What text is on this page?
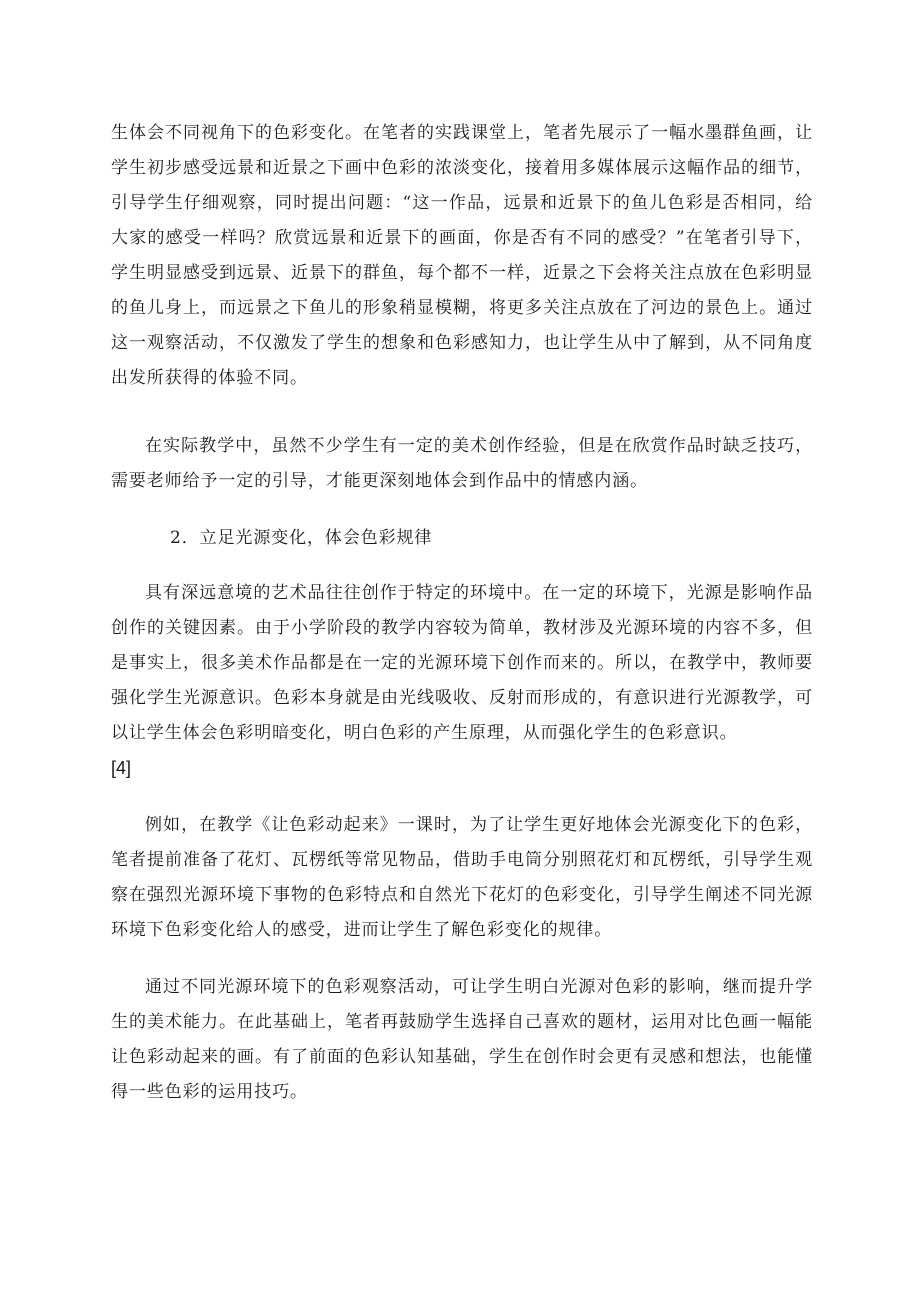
生体会不同视角下的色彩变化。在笔者的实践课堂上，笔者先展示了一幅水墨群鱼画，让学生初步感受远景和近景之下画中色彩的浓淡变化，接着用多媒体展示这幅作品的细节，引导学生仔细观察，同时提出问题：“这一作品，远景和近景下的鱼儿色彩是否相同，给大家的感受一样吗？欣赏远景和近景下的画面，你是否有不同的感受？”在笔者引导下，学生明显感受到远景、近景下的群鱼，每个都不一样，近景之下会将关注点放在色彩明显的鱼儿身上，而远景之下鱼儿的形象稍显模糊，将更多关注点放在了河边的景色上。通过这一观察活动，不仅激发了学生的想象和色彩感知力，也让学生从中了解到，从不同角度出发所获得的体验不同。

在实际教学中，虽然不少学生有一定的美术创作经验，但是在欣赏作品时缺乏技巧，需要老师给予一定的引导，才能更深刻地体会到作品中的情感内涵。

2．立足光源变化，体会色彩规律

具有深远意境的艺术品往往创作于特定的环境中。在一定的环境下，光源是影响作品创作的关键因素。由于小学阶段的教学内容较为简单，教材涉及光源环境的内容不多，但是事实上，很多美术作品都是在一定的光源环境下创作而来的。所以，在教学中，教师要强化学生光源意识。色彩本身就是由光线吸收、反射而形成的，有意识进行光源教学，可以让学生体会色彩明暗变化，明白色彩的产生原理，从而强化学生的色彩意识。
[4]

例如，在教学《让色彩动起来》一课时，为了让学生更好地体会光源变化下的色彩，笔者提前准备了花灯、瓦楞纸等常见物品，借助手电筒分别照花灯和瓦楞纸，引导学生观察在强烈光源环境下事物的色彩特点和自然光下花灯的色彩变化，引导学生阐述不同光源环境下色彩变化给人的感受，进而让学生了解色彩变化的规律。

通过不同光源环境下的色彩观察活动，可让学生明白光源对色彩的影响，继而提升学生的美术能力。在此基础上，笔者再鼓励学生选择自己喜欢的题材，运用对比色画一幅能让色彩动起来的画。有了前面的色彩认知基础，学生在创作时会更有灵感和想法，也能懂得一些色彩的运用技巧。
